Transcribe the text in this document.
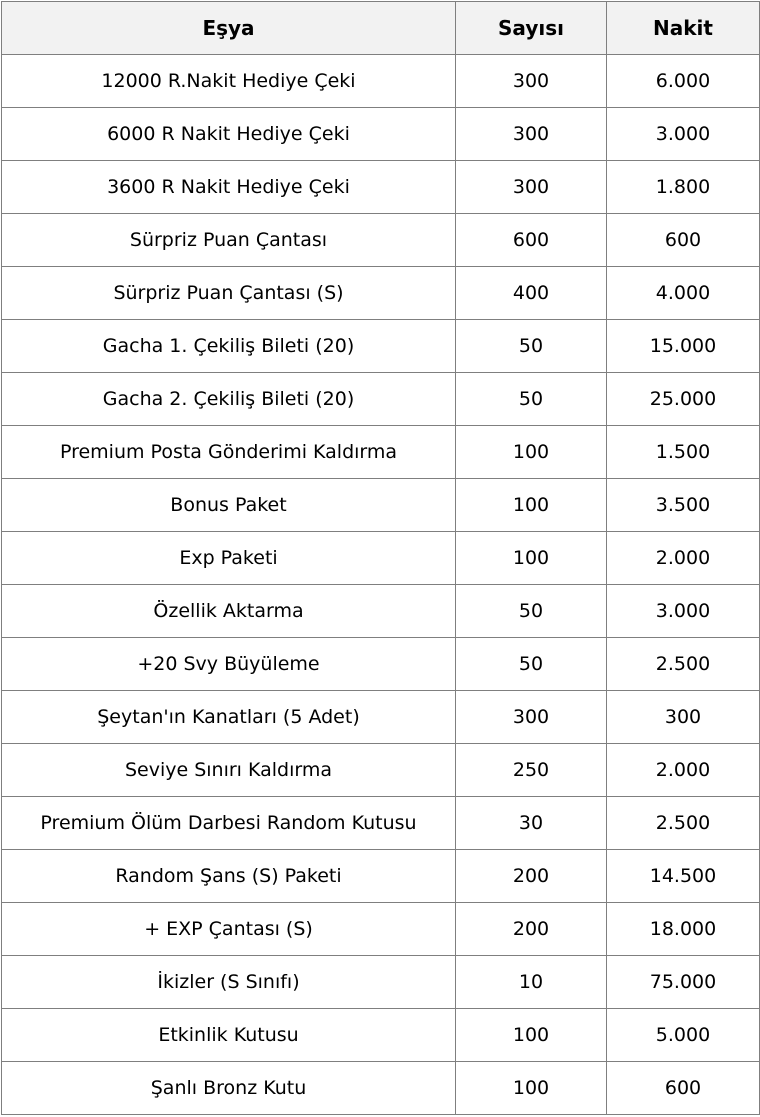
Eşya	Sayısı	Nakit
12000 R.Nakit Hediye Çeki	300	6.000
6000 R Nakit Hediye Çeki	300	3.000
3600 R Nakit Hediye Çeki	300	1.800
Sürpriz Puan Çantası	600	600
Sürpriz Puan Çantası (S)	400	4.000
Gacha 1. Çekiliş Bileti (20)	50	15.000
Gacha 2. Çekiliş Bileti (20)	50	25.000
Premium Posta Gönderimi Kaldırma	100	1.500
Bonus Paket	100	3.500
Exp Paketi	100	2.000
Özellik Aktarma	50	3.000
+20 Svy Büyüleme	50	2.500
Şeytan'ın Kanatları (5 Adet)	300	300
Seviye Sınırı Kaldırma	250	2.000
Premium Ölüm Darbesi Random Kutusu	30	2.500
Random Şans (S) Paketi	200	14.500
+ EXP Çantası (S)	200	18.000
İkizler (S Sınıfı)	10	75.000
Etkinlik Kutusu	100	5.000
Şanlı Bronz Kutu	100	600
